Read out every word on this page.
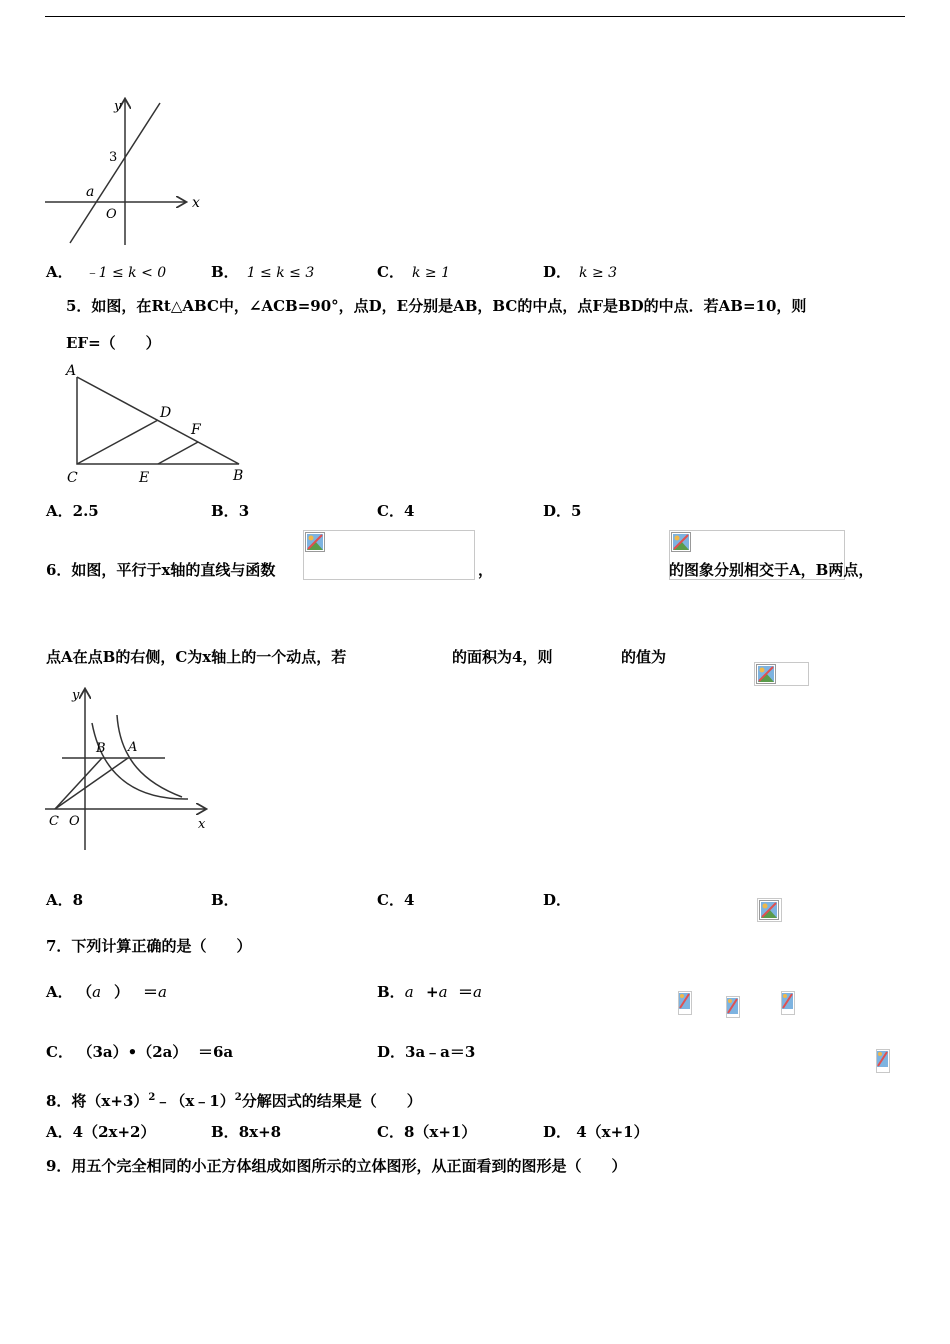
y
x
3
a
O
A． ﹣1 ≤ k < 0	B． 1 ≤ k ≤ 3	C． k ≥ 1	D． k ≥ 3
5．如图，在Rt△ABC中，∠ACB=90°，点D，E分别是AB，BC的中点，点F是BD的中点．若AB=10，则
EF=（　　）
A
D
F
C	E	B
A．2.5	B．3	C．4	D．5
6．如图，平行于x轴的直线与函数
	，
	的图象分别相交于A，B两点，
点A在点B的右侧，C为x轴上的一个动点，若
	的面积为4，则
	的值为

y
x
B A
C O
A．8	B．
	C．4	D．

7．下列计算正确的是（　　）
A． （a
）
＝a
	B．a
+a
＝a

C． （3a）•（2a） ＝6a	D．3a﹣a＝3
8．将$(x+3)^2﹣(x﹣1)^2$分解因式的结果是（　　）
A．4（2x+2）	B．8x+8	C．8（x+1）	D． 4（x+1）
9．用五个完全相同的小正方体组成如图所示的立体图形，从正面看到的图形是（　　）
